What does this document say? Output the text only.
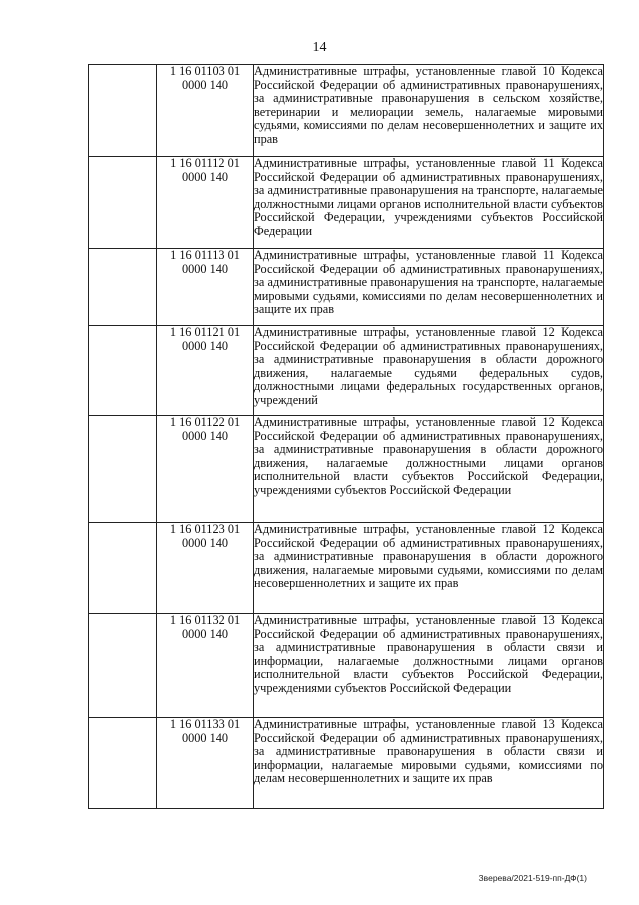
14
	1 16 01103 01
0000 140	Административные штрафы, установленные главой 10 Кодекса Российской Федерации об административных правонарушениях, за административные правонарушения в сельском хозяйстве, ветеринарии и мелиорации земель, налагаемые мировыми судьями, комиссиями по делам несовершеннолетних и защите их прав

	1 16 01112 01
0000 140	Административные штрафы, установленные главой 11 Кодекса Российской Федерации об административных правонарушениях, за административные правонарушения на транспорте, налагаемые должностными лицами органов исполнительной власти субъектов Российской Федерации, учреждениями субъектов Российской Федерации

	1 16 01113 01
0000 140	Административные штрафы, установленные главой 11 Кодекса Российской Федерации об административных правонарушениях, за административные правонарушения на транспорте, налагаемые мировыми судьями, комиссиями по делам несовершеннолетних и защите их прав

	1 16 01121 01
0000 140	Административные штрафы, установленные главой 12 Кодекса Российской Федерации об административных правонарушениях, за административные правонарушения в области дорожного движения, налагаемые судьями федеральных судов, должностными лицами федеральных государственных органов, учреждений

	1 16 01122 01
0000 140	Административные штрафы, установленные главой 12 Кодекса Российской Федерации об административных правонарушениях, за административные правонарушения в области дорожного движения, налагаемые должностными лицами органов исполнительной власти субъектов Российской Федерации, учреждениями субъектов Российской Федерации

	1 16 01123 01
0000 140	Административные штрафы, установленные главой 12 Кодекса Российской Федерации об административных правонарушениях, за административные правонарушения в области дорожного движения, налагаемые мировыми судьями, комиссиями по делам несовершеннолетних и защите их прав

	1 16 01132 01
0000 140	Административные штрафы, установленные главой 13 Кодекса Российской Федерации об административных правонарушениях, за административные правонарушения в области связи и информации, налагаемые должностными лицами органов исполнительной власти субъектов Российской Федерации, учреждениями субъектов Российской Федерации

	1 16 01133 01
0000 140	Административные штрафы, установленные главой 13 Кодекса Российской Федерации об административных правонарушениях, за административные правонарушения в области связи и информации, налагаемые мировыми судьями, комиссиями по делам несовершеннолетних и защите их прав
Зверева/2021-519-пп-ДФ(1)
